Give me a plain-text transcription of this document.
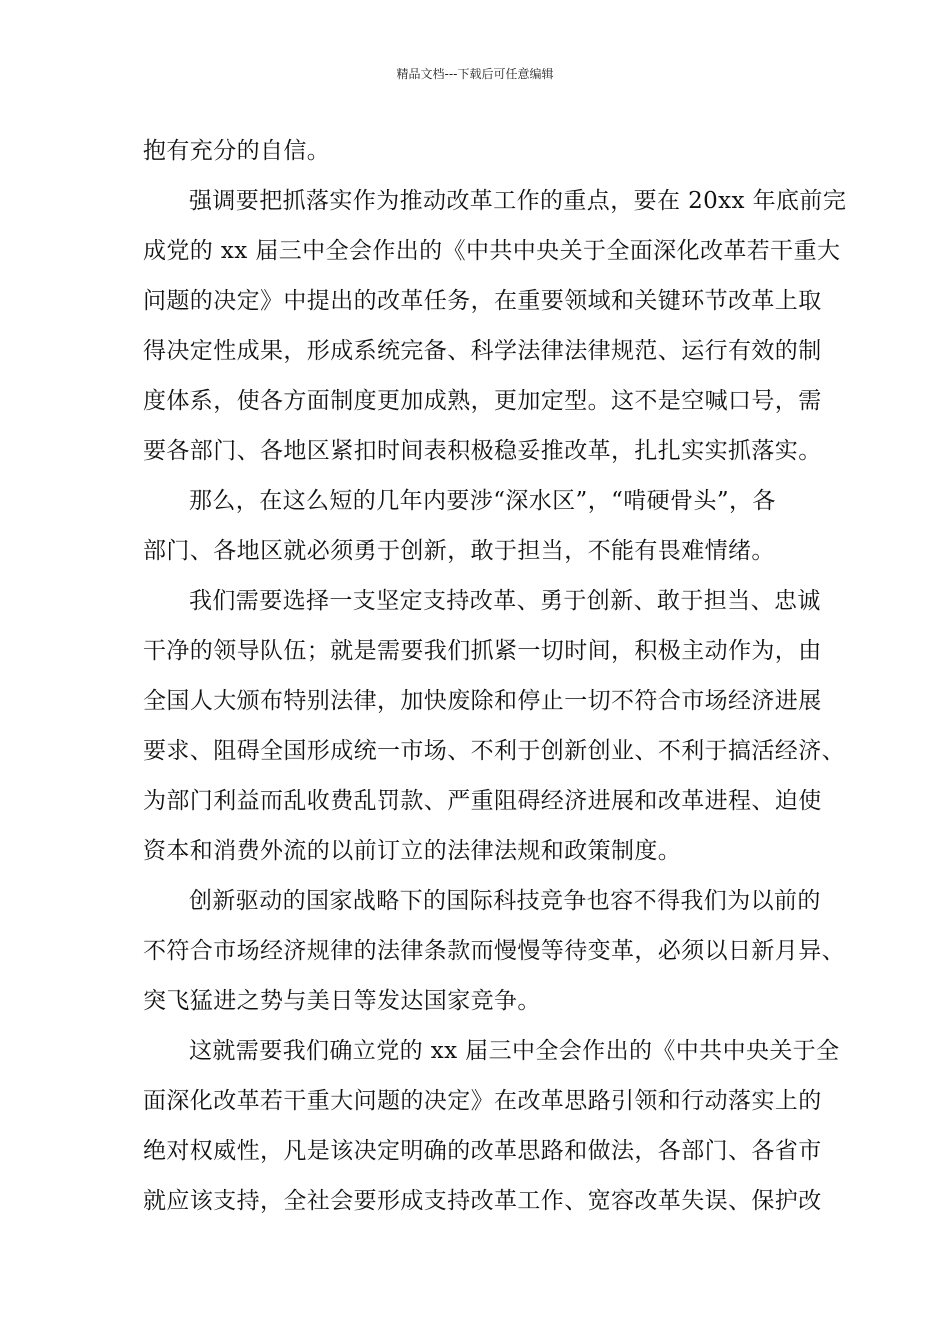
精品文档---下载后可任意编辑
抱有充分的自信。
强调要把抓落实作为推动改革工作的重点，要在 20xx 年底前完
成党的 xx 届三中全会作出的《中共中央关于全面深化改革若干重大
问题的决定》中提出的改革任务，在重要领域和关键环节改革上取
得决定性成果，形成系统完备、科学法律法律规范、运行有效的制
度体系，使各方面制度更加成熟，更加定型。这不是空喊口号，需
要各部门、各地区紧扣时间表积极稳妥推改革，扎扎实实抓落实。
那么，在这么短的几年内要涉“深水区”，“啃硬骨头”，各
部门、各地区就必须勇于创新，敢于担当，不能有畏难情绪。
我们需要选择一支坚定支持改革、勇于创新、敢于担当、忠诚
干净的领导队伍；就是需要我们抓紧一切时间，积极主动作为，由
全国人大颁布特别法律，加快废除和停止一切不符合市场经济进展
要求、阻碍全国形成统一市场、不利于创新创业、不利于搞活经济、
为部门利益而乱收费乱罚款、严重阻碍经济进展和改革进程、迫使
资本和消费外流的以前订立的法律法规和政策制度。
创新驱动的国家战略下的国际科技竞争也容不得我们为以前的
不符合市场经济规律的法律条款而慢慢等待变革，必须以日新月异、
突飞猛进之势与美日等发达国家竞争。
这就需要我们确立党的 xx 届三中全会作出的《中共中央关于全
面深化改革若干重大问题的决定》在改革思路引领和行动落实上的
绝对权威性，凡是该决定明确的改革思路和做法，各部门、各省市
就应该支持，全社会要形成支持改革工作、宽容改革失误、保护改
